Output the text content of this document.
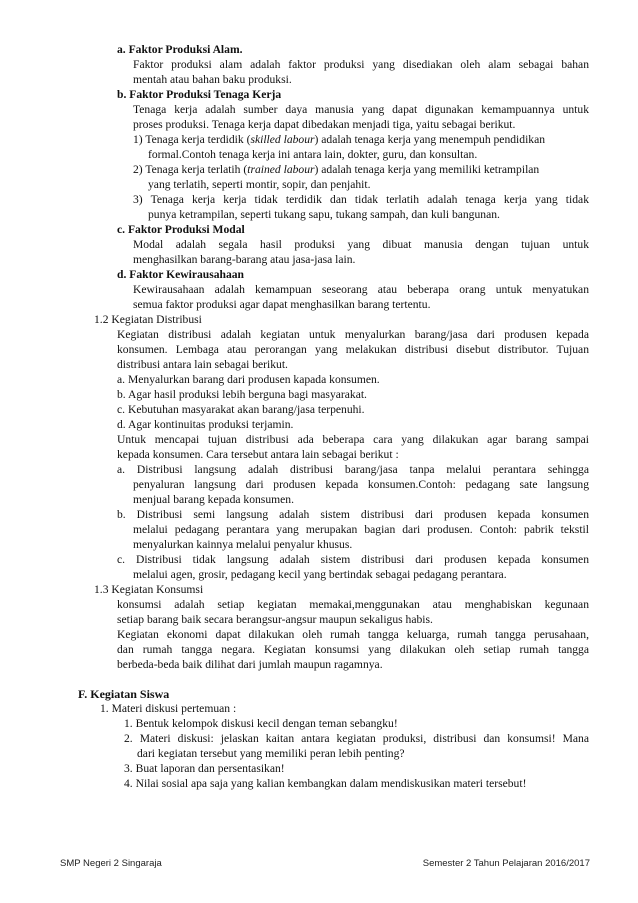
a. Faktor Produksi Alam.
Faktor produksi alam adalah faktor produksi yang disediakan oleh alam sebagai bahan
mentah atau bahan baku produksi.
b. Faktor Produksi Tenaga Kerja
Tenaga kerja adalah sumber daya manusia yang dapat digunakan kemampuannya untuk
proses produksi. Tenaga kerja dapat dibedakan menjadi tiga, yaitu sebagai berikut.
1) Tenaga kerja terdidik (skilled labour) adalah tenaga kerja yang menempuh pendidikan
formal.Contoh tenaga kerja ini antara lain, dokter, guru, dan konsultan.
2) Tenaga kerja terlatih (trained labour) adalah tenaga kerja yang memiliki ketrampilan
yang terlatih, seperti montir, sopir, dan penjahit.
3) Tenaga kerja kerja tidak terdidik dan tidak terlatih adalah tenaga kerja yang tidak
punya ketrampilan, seperti tukang sapu, tukang sampah, dan kuli bangunan.
c. Faktor Produksi Modal
Modal adalah segala hasil produksi yang dibuat manusia dengan tujuan untuk
menghasilkan barang-barang atau jasa-jasa lain.
d. Faktor Kewirausahaan
Kewirausahaan adalah kemampuan seseorang atau beberapa orang untuk menyatukan
semua faktor produksi agar dapat menghasilkan barang tertentu.
1.2 Kegiatan Distribusi
Kegiatan distribusi adalah kegiatan untuk menyalurkan barang/jasa dari produsen kepada
konsumen. Lembaga atau perorangan yang melakukan distribusi disebut distributor. Tujuan
distribusi antara lain sebagai berikut.
a. Menyalurkan barang dari produsen kapada konsumen.
b. Agar hasil produksi lebih berguna bagi masyarakat.
c. Kebutuhan masyarakat akan barang/jasa terpenuhi.
d. Agar kontinuitas produksi terjamin.
Untuk mencapai tujuan distribusi ada beberapa cara yang dilakukan agar barang sampai
kepada konsumen. Cara tersebut antara lain sebagai berikut :
a. Distribusi langsung adalah distribusi barang/jasa tanpa melalui perantara sehingga
penyaluran langsung dari produsen kepada konsumen.Contoh: pedagang sate langsung
menjual barang kepada konsumen.
b. Distribusi semi langsung adalah sistem distribusi dari produsen kepada konsumen
melalui pedagang perantara yang merupakan bagian dari produsen. Contoh: pabrik tekstil
menyalurkan kainnya melalui penyalur khusus.
c. Distribusi tidak langsung adalah sistem distribusi dari produsen kepada konsumen
melalui agen, grosir, pedagang kecil yang bertindak sebagai pedagang perantara.
1.3 Kegiatan Konsumsi
konsumsi adalah setiap kegiatan memakai,menggunakan atau menghabiskan kegunaan
setiap barang baik secara berangsur-angsur maupun sekaligus habis.
Kegiatan ekonomi dapat dilakukan oleh rumah tangga keluarga, rumah tangga perusahaan,
dan rumah tangga negara. Kegiatan konsumsi yang dilakukan oleh setiap rumah tangga
berbeda-beda baik dilihat dari jumlah maupun ragamnya.
F. Kegiatan Siswa
1. Materi diskusi pertemuan :
1. Bentuk kelompok diskusi kecil dengan teman sebangku!
2. Materi diskusi: jelaskan kaitan antara kegiatan produksi, distribusi dan konsumsi! Mana
dari kegiatan tersebut yang memiliki peran lebih penting?
3. Buat laporan dan persentasikan!
4. Nilai sosial apa saja yang kalian kembangkan dalam mendiskusikan materi tersebut!
SMP Negeri 2 Singaraja	Semester 2 Tahun Pelajaran 2016/2017
